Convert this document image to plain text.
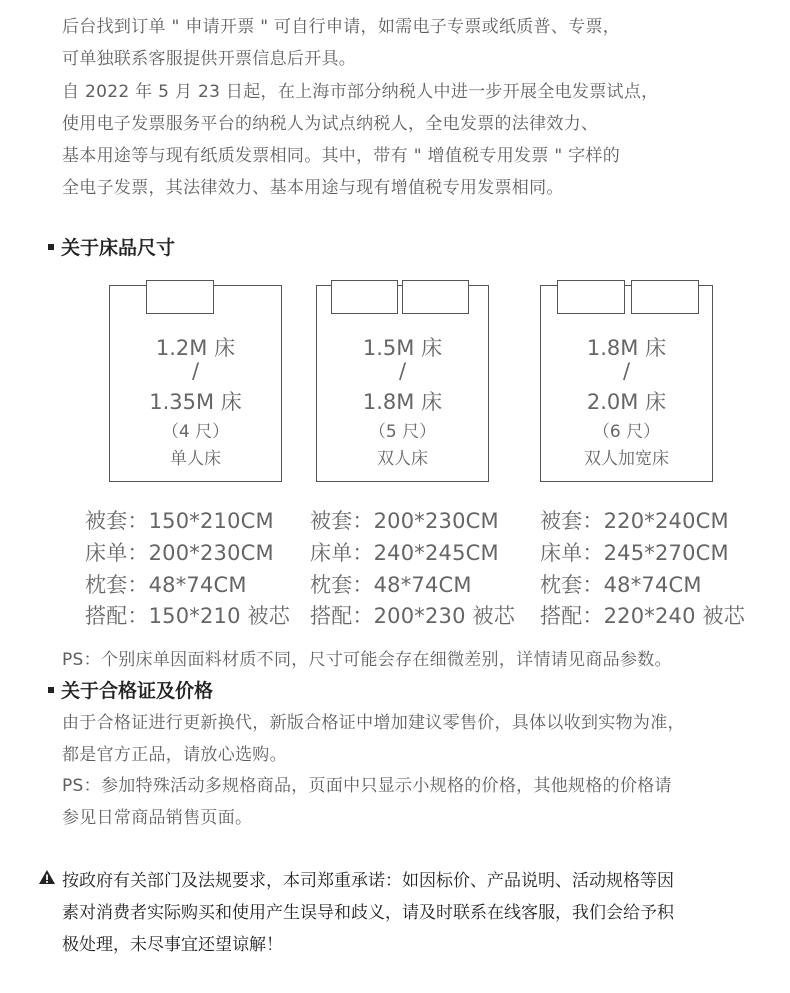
后台找到订单 " 申请开票 " 可自行申请，如需电子专票或纸质普、专票，
可单独联系客服提供开票信息后开具。
自 2022 年 5 月 23 日起，在上海市部分纳税人中进一步开展全电发票试点，
使用电子发票服务平台的纳税人为试点纳税人，全电发票的法律效力、
基本用途等与现有纸质发票相同。其中，带有 " 增值税专用发票 " 字样的
全电子发票，其法律效力、基本用途与现有增值税专用发票相同。
关于床品尺寸
1.2M 床
/
1.35M 床
（4 尺）
单人床
1.5M 床
/
1.8M 床
（5 尺）
双人床
1.8M 床
/
2.0M 床
（6 尺）
双人加宽床
被套：150*210CM
床单：200*230CM
枕套：48*74CM
搭配：150*210 被芯
被套：200*230CM
床单：240*245CM
枕套：48*74CM
搭配：200*230 被芯
被套：220*240CM
床单：245*270CM
枕套：48*74CM
搭配：220*240 被芯
PS：个别床单因面料材质不同，尺寸可能会存在细微差别，详情请见商品参数。
关于合格证及价格
由于合格证进行更新换代，新版合格证中增加建议零售价，具体以收到实物为准，
都是官方正品，请放心选购。
PS：参加特殊活动多规格商品，页面中只显示小规格的价格，其他规格的价格请
参见日常商品销售页面。
按政府有关部门及法规要求，本司郑重承诺：如因标价、产品说明、活动规格等因
素对消费者实际购买和使用产生误导和歧义，请及时联系在线客服，我们会给予积
极处理，未尽事宜还望谅解！
